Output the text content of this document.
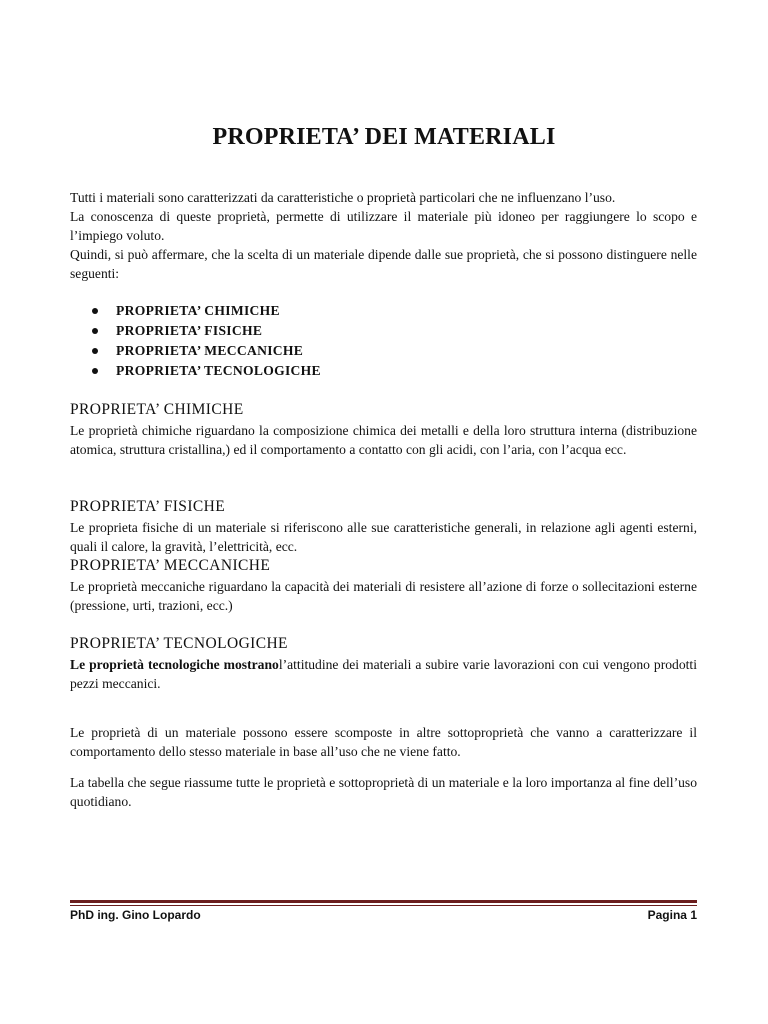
PROPRIETA’ DEI MATERIALI

Tutti i materiali sono caratterizzati da caratteristiche o proprietà particolari che ne influenzano l’uso.

La conoscenza di queste proprietà, permette di utilizzare il materiale più idoneo per raggiungere lo scopo e l’impiego voluto.

Quindi, si può affermare, che la scelta di un materiale dipende dalle sue proprietà, che si possono distinguere nelle seguenti:

PROPRIETA’ CHIMICHE
PROPRIETA’ FISICHE
PROPRIETA’ MECCANICHE
PROPRIETA’ TECNOLOGICHE
PROPRIETA’ CHIMICHE

Le proprietà chimiche riguardano la composizione chimica dei metalli e della loro struttura interna (distribuzione atomica, struttura cristallina,) ed il comportamento a contatto con gli acidi, con l’aria, con l’acqua ecc.

PROPRIETA’ FISICHE

Le proprieta fisiche di un materiale si riferiscono alle sue caratteristiche generali, in relazione agli agenti esterni, quali il calore, la gravità, l’elettricità, ecc.

PROPRIETA’ MECCANICHE

Le proprietà meccaniche riguardano la capacità dei materiali di resistere all’azione di forze o sollecitazioni esterne (pressione, urti, trazioni, ecc.)

PROPRIETA’ TECNOLOGICHE

Le proprietà tecnologiche mostranol’attitudine dei materiali a subire varie lavorazioni con cui vengono prodotti pezzi meccanici.

Le proprietà di un materiale possono essere scomposte in altre sottoproprietà che vanno a caratterizzare il comportamento dello stesso materiale in base all’uso che ne viene fatto.

La tabella che segue riassume tutte le proprietà e sottoproprietà di un materiale e la loro importanza al fine dell’uso quotidiano.

PhD ing. Gino Lopardo	Pagina 1
